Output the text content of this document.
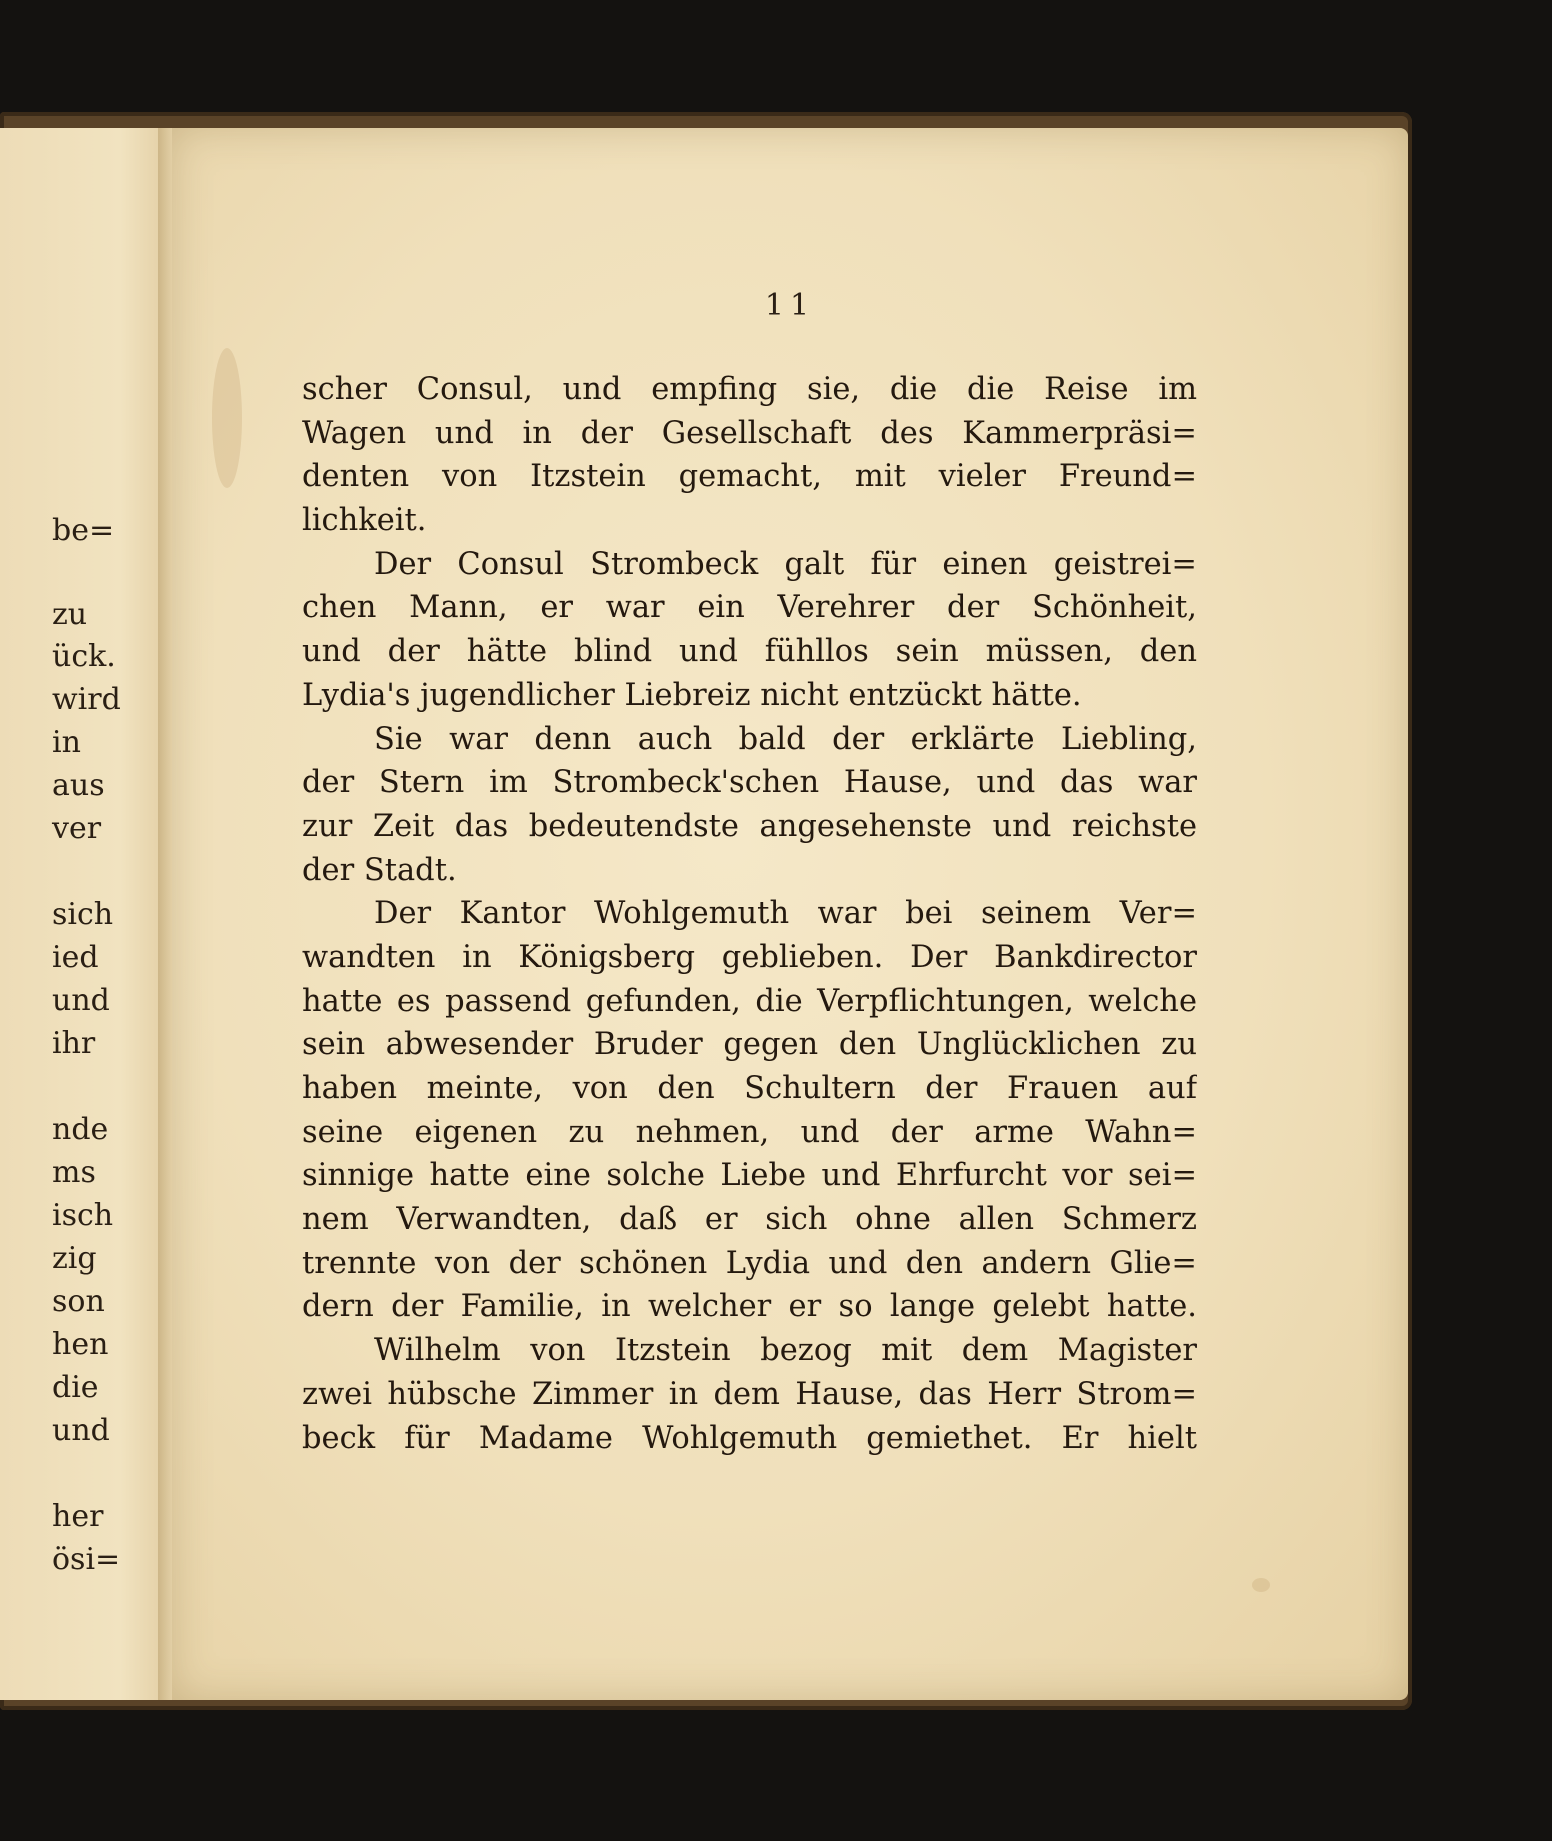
be=
zu
ück.
wird
in
aus
ver
sich
ied
und
ihr
nde
ms
isch
zig
son
hen
die
und
her
ösi=
11
scher Consul, und empfing sie, die die Reise im
Wagen und in der Gesellschaft des Kammerpräsi=
denten von Itzstein gemacht, mit vieler Freund=
lichkeit.
Der Consul Strombeck galt für einen geistrei=
chen Mann, er war ein Verehrer der Schönheit,
und der hätte blind und fühllos sein müssen, den
Lydia's jugendlicher Liebreiz nicht entzückt hätte.
Sie war denn auch bald der erklärte Liebling,
der Stern im Strombeck'schen Hause, und das war
zur Zeit das bedeutendste angesehenste und reichste
der Stadt.
Der Kantor Wohlgemuth war bei seinem Ver=
wandten in Königsberg geblieben. Der Bankdirector
hatte es passend gefunden, die Verpflichtungen, welche
sein abwesender Bruder gegen den Unglücklichen zu
haben meinte, von den Schultern der Frauen auf
seine eigenen zu nehmen, und der arme Wahn=
sinnige hatte eine solche Liebe und Ehrfurcht vor sei=
nem Verwandten, daß er sich ohne allen Schmerz
trennte von der schönen Lydia und den andern Glie=
dern der Familie, in welcher er so lange gelebt hatte.
Wilhelm von Itzstein bezog mit dem Magister
zwei hübsche Zimmer in dem Hause, das Herr Strom=
beck für Madame Wohlgemuth gemiethet. Er hielt
